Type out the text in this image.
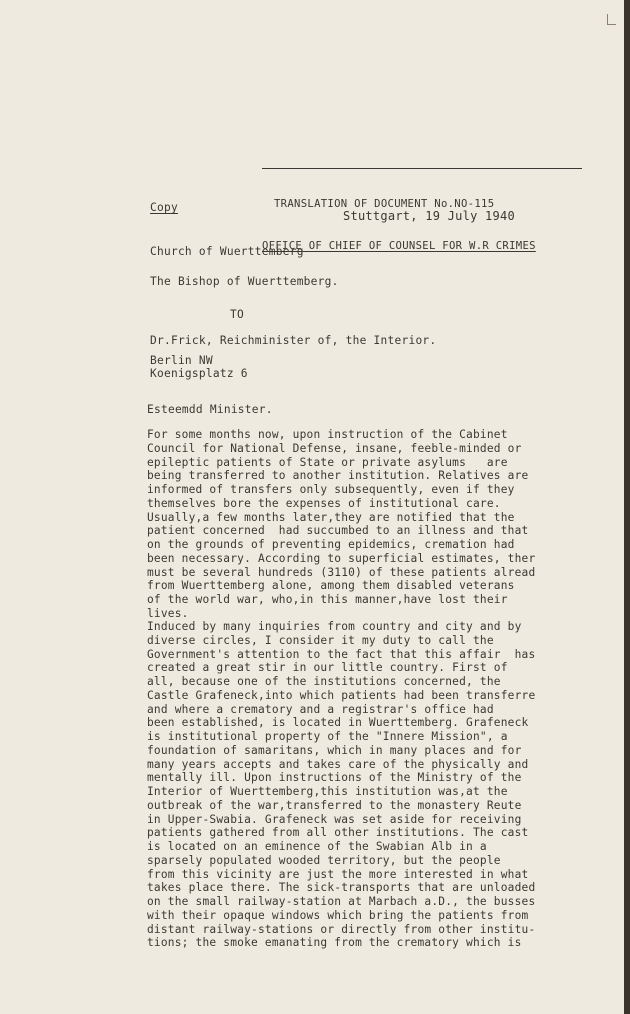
TRANSLATION OF DOCUMENT No.NO-115

OFFICE OF CHIEF OF COUNSEL FOR W.R CRIMES

Copy
Stuttgart, 19 July 1940
Church of Wuerttemberg
The Bishop of Wuerttemberg.
TO
Dr.Frick, Reichminister of, the Interior.
Berlin NW
Koenigsplatz 6
Esteemdd Minister.
For some months now, upon instruction of the Cabinet
Council for National Defense, insane, feeble-minded or
epileptic patients of State or private asylums   are
being transferred to another institution. Relatives are
informed of transfers only subsequently, even if they
themselves bore the expenses of institutional care.
Usually,a few months later,they are notified that the
patient concerned  had succumbed to an illness and that
on the grounds of preventing epidemics, cremation had
been necessary. According to superficial estimates, ther
must be several hundreds (3110) of these patients alread
from Wuerttemberg alone, among them disabled veterans
of the world war, who,in this manner,have lost their
lives.
Induced by many inquiries from country and city and by
diverse circles, I consider it my duty to call the
Government's attention to the fact that this affair  has
created a great stir in our little country. First of
all, because one of the institutions concerned, the
Castle Grafeneck,into which patients had been transferre
and where a crematory and a registrar's office had
been established, is located in Wuerttemberg. Grafeneck
is institutional property of the "Innere Mission", a
foundation of samaritans, which in many places and for
many years accepts and takes care of the physically and
mentally ill. Upon instructions of the Ministry of the
Interior of Wuerttemberg,this institution was,at the
outbreak of the war,transferred to the monastery Reute
in Upper-Swabia. Grafeneck was set aside for receiving
patients gathered from all other institutions. The cast
is located on an eminence of the Swabian Alb in a
sparsely populated wooded territory, but the people
from this vicinity are just the more interested in what
takes place there. The sick-transports that are unloaded
on the small railway-station at Marbach a.D., the busses
with their opaque windows which bring the patients from
distant railway-stations or directly from other institu-
tions; the smoke emanating from the crematory which is
